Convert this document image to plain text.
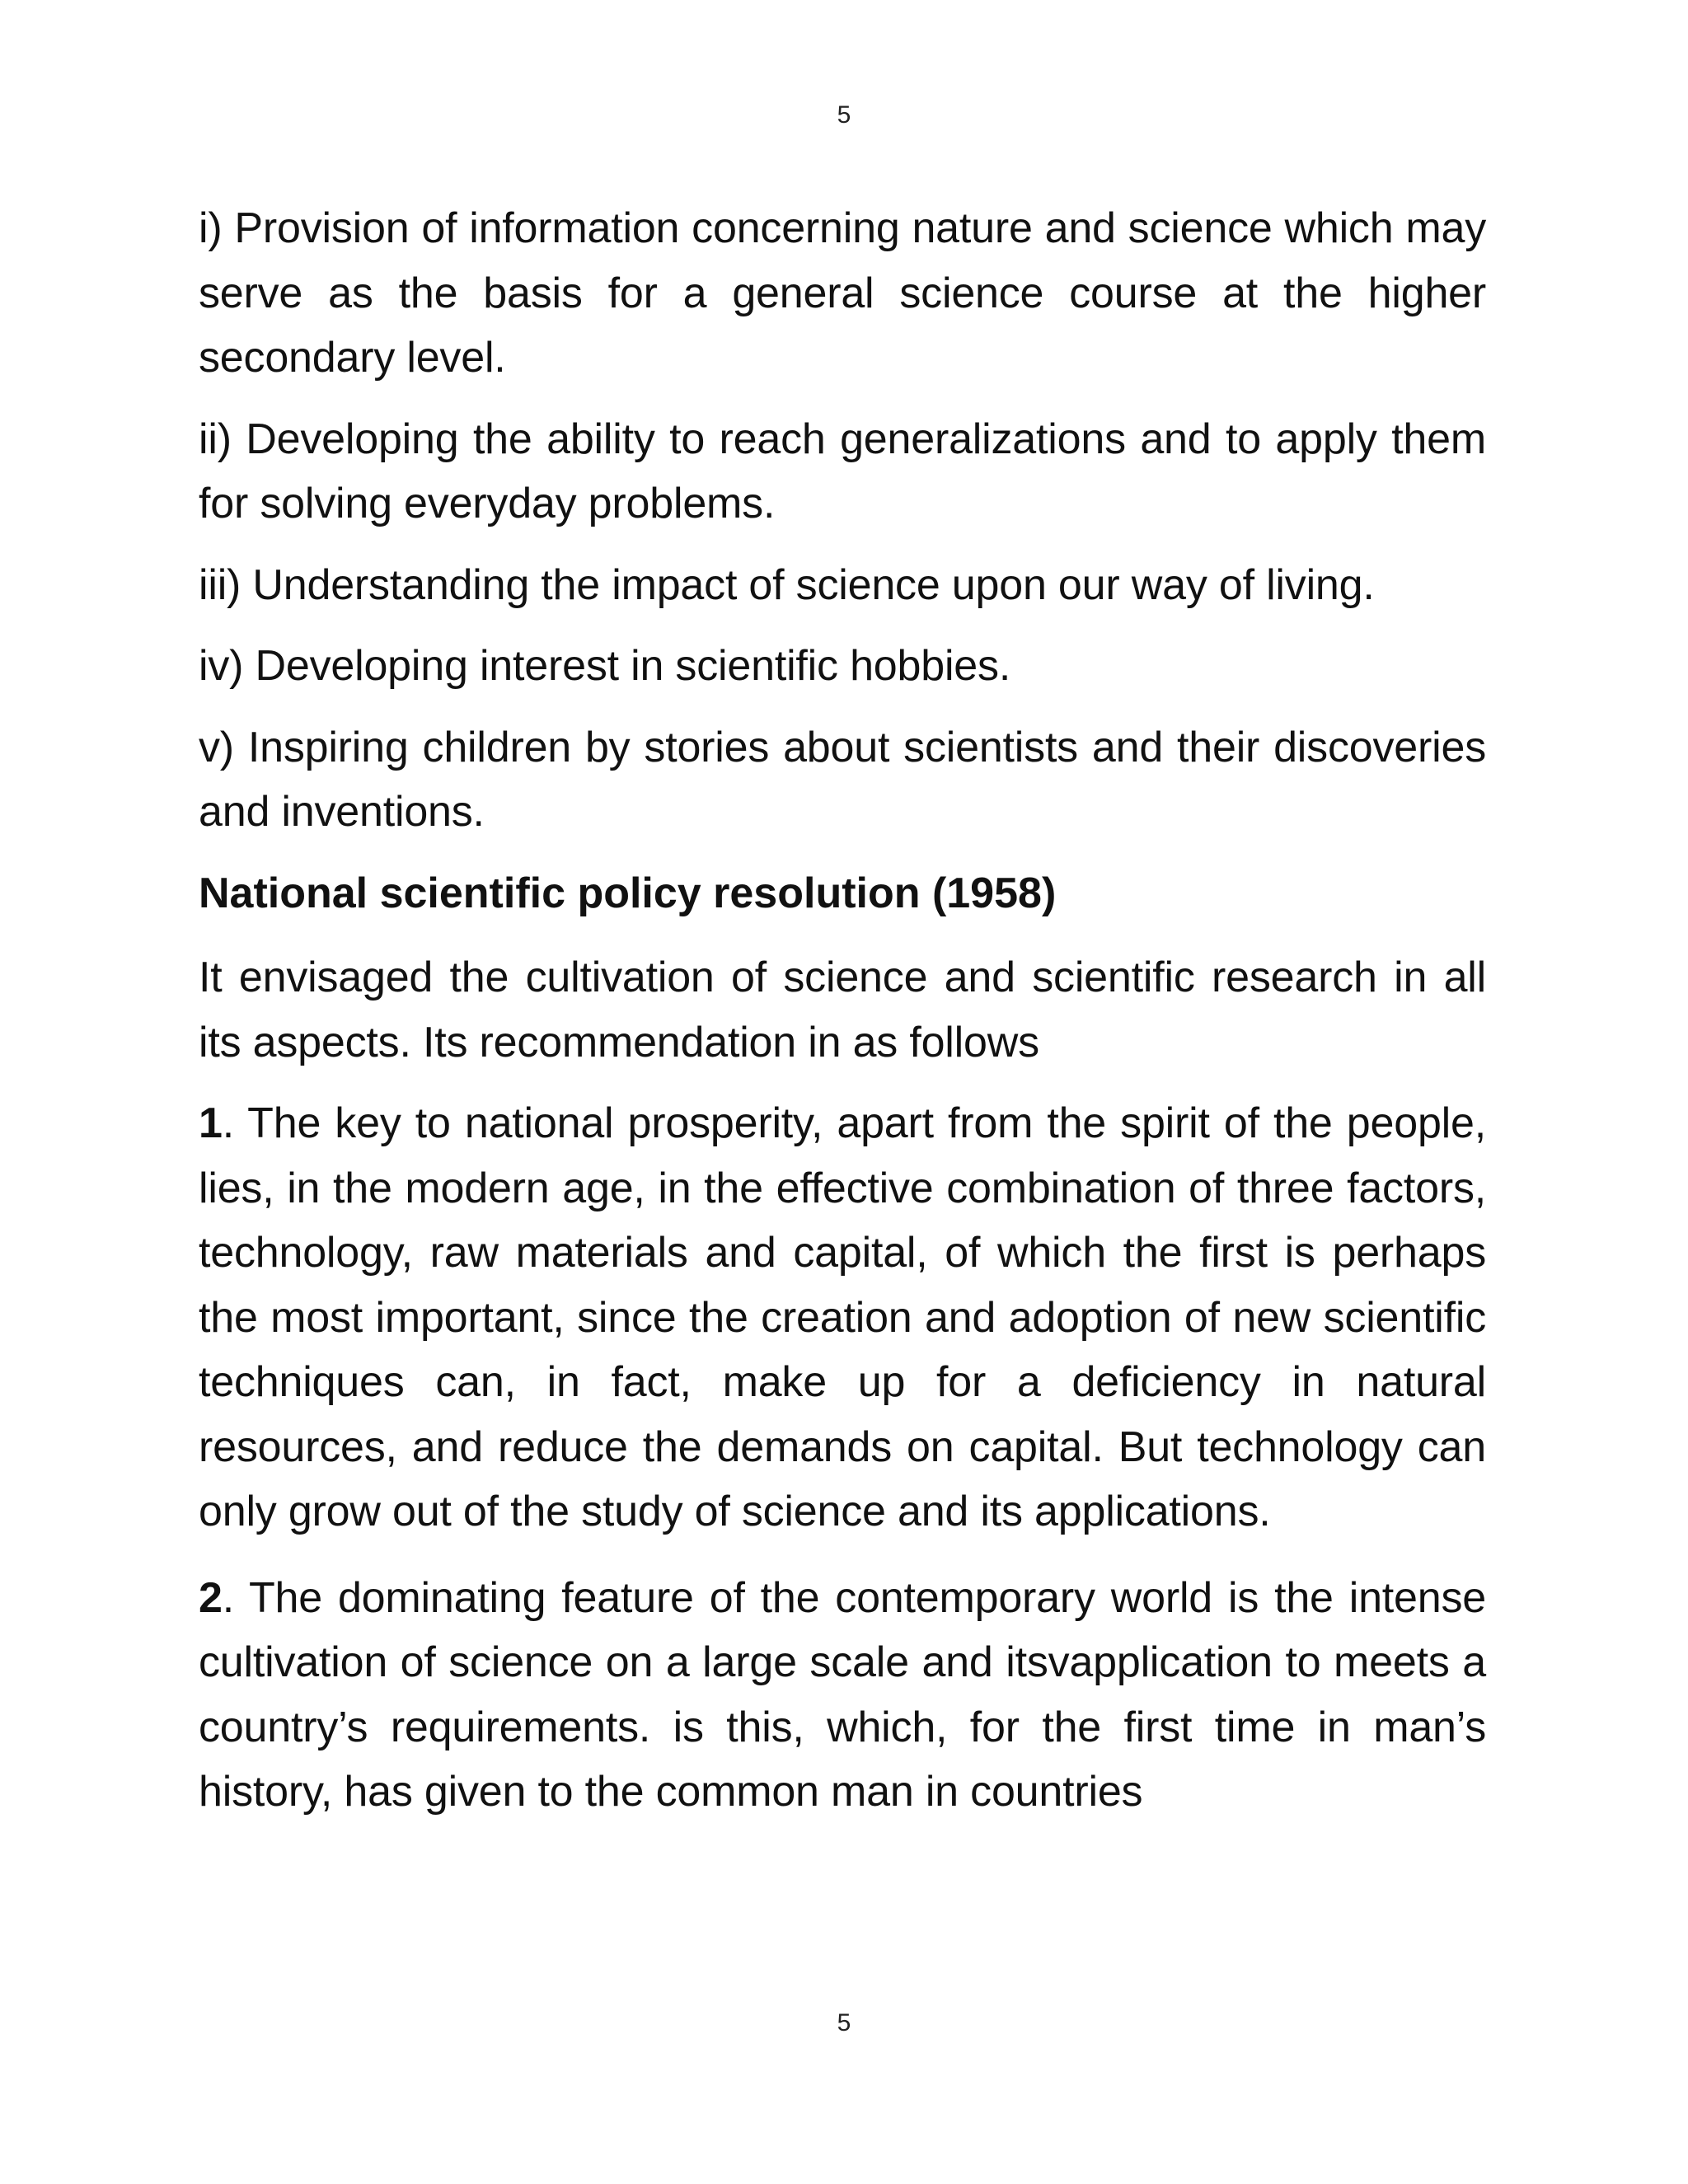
5

i) Provision of information concerning nature and science which may serve as the basis for a general science course at the higher secondary level.

ii) Developing the ability to reach generalizations and to apply them for solving everyday problems.

iii) Understanding the impact of science upon our way of living.

iv) Developing interest in scientific hobbies.

v) Inspiring children by stories about scientists and their discoveries and inventions.

National scientific policy resolution (1958)

It envisaged the cultivation of science and scientific research in all its aspects. Its recommendation in as follows

1. The key to national prosperity, apart from the spirit of the people, lies, in the modern age, in the effective combination of three factors, technology, raw materials and capital, of which the first is perhaps the most important, since the creation and adoption of new scientific techniques can, in fact, make up for a deficiency in natural resources, and reduce the demands on capital. But technology can only grow out of the study of science and its applications.

2. The dominating feature of the contemporary world is the intense cultivation of science on a large scale and itsvapplication to meets a country’s requirements. is this, which, for the first time in man’s history, has given to the common man in countries

5
